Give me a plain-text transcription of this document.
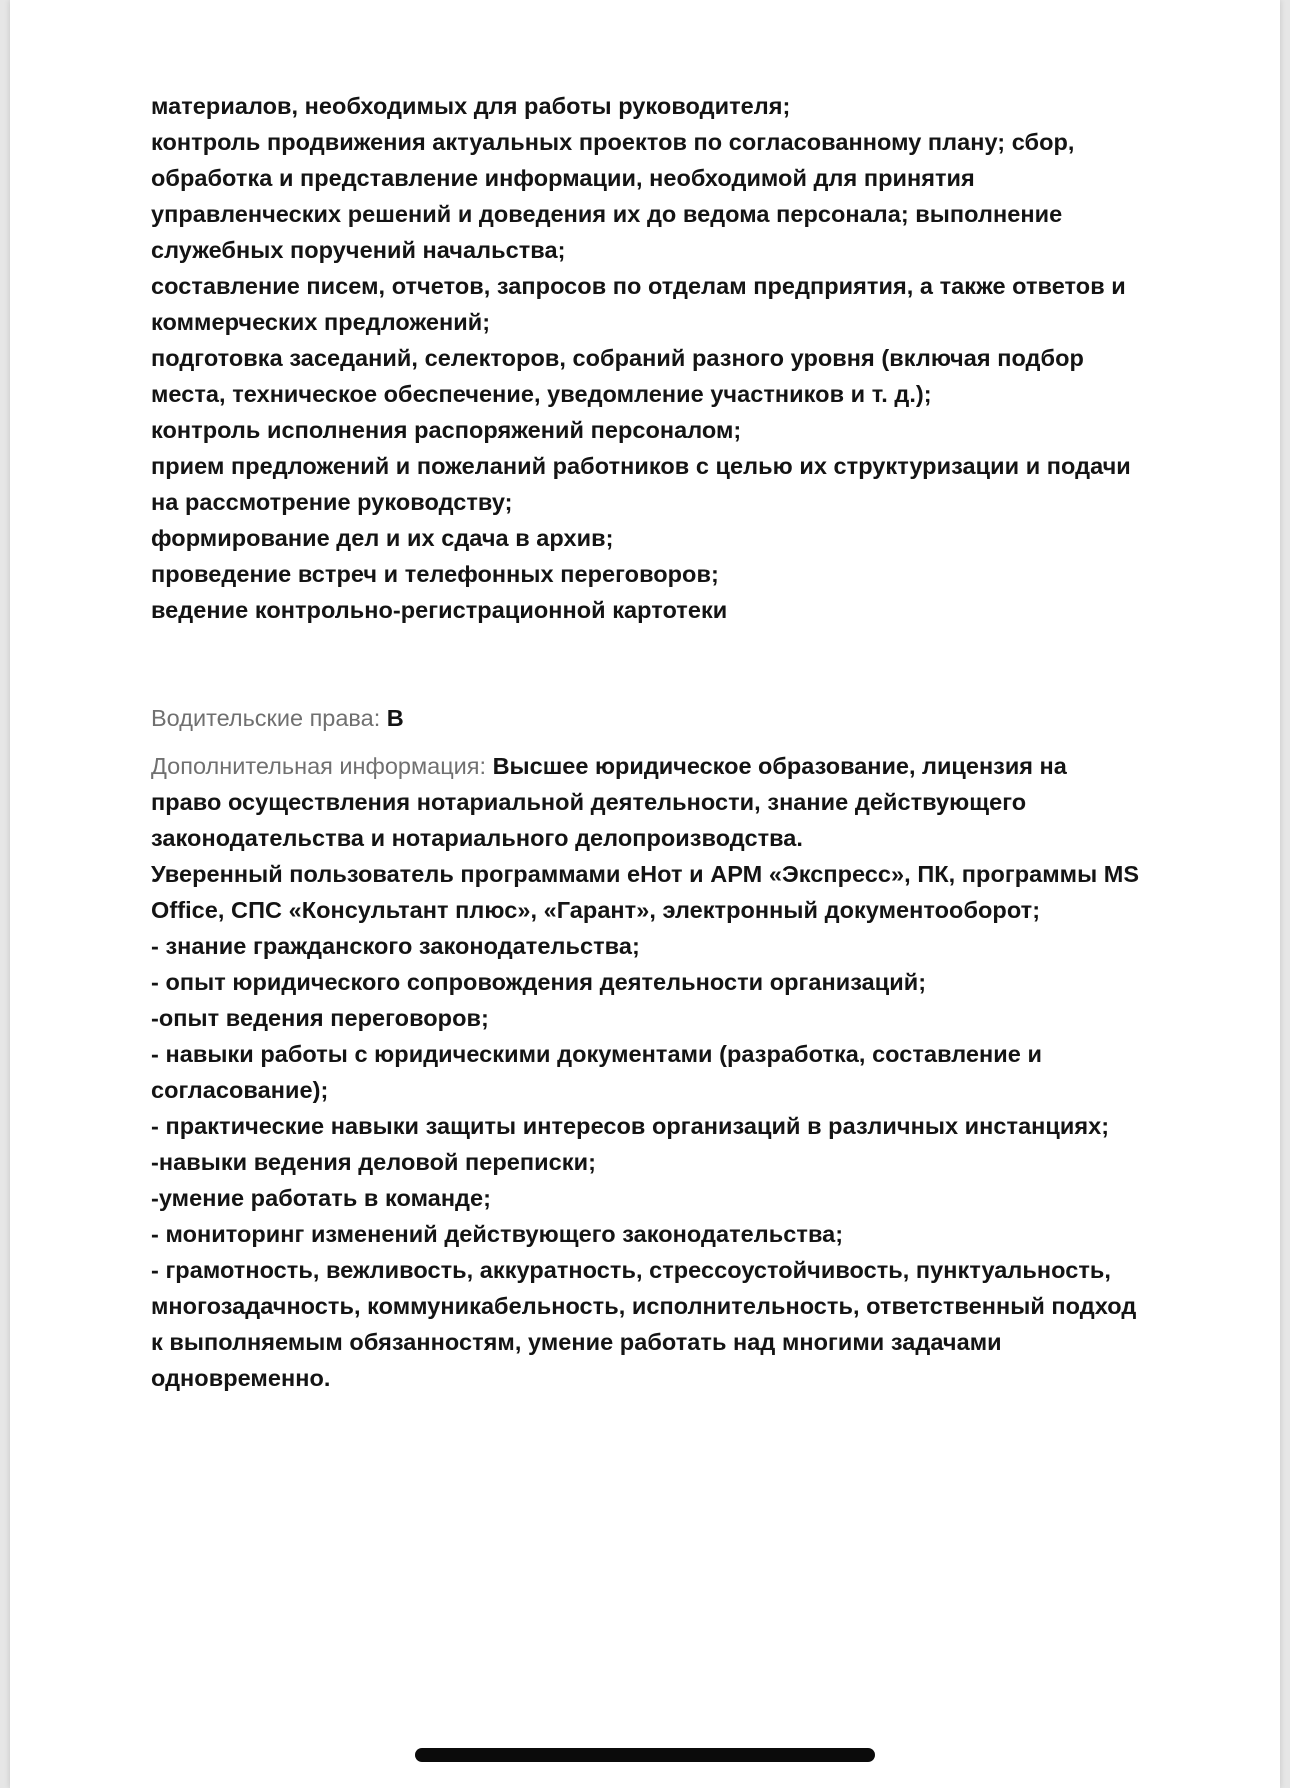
материалов, необходимых для работы руководителя;
контроль продвижения актуальных проектов по согласованному плану; сбор,
обработка и представление информации, необходимой для принятия
управленческих решений и доведения их до ведома персонала; выполнение
служебных поручений начальства;
составление писем, отчетов, запросов по отделам предприятия, а также ответов и
коммерческих предложений;
подготовка заседаний, селекторов, собраний разного уровня (включая подбор
места, техническое обеспечение, уведомление участников и т. д.);
контроль исполнения распоряжений персоналом;
прием предложений и пожеланий работников с целью их структуризации и подачи
на рассмотрение руководству;
формирование дел и их сдача в архив;
проведение встреч и телефонных переговоров;
ведение контрольно-регистрационной картотеки
Водительские права: B
Дополнительная информация: Высшее юридическое образование, лицензия на
право осуществления нотариальной деятельности, знание действующего
законодательства и нотариального делопроизводства.
Уверенный пользователь программами еНот и АРМ «Экспресс», ПК, программы MS
Office, СПС «Консультант плюс», «Гарант», электронный документооборот;
- знание гражданского законодательства;
- опыт юридического сопровождения деятельности организаций;
-опыт ведения переговоров;
- навыки работы с юридическими документами (разработка, составление и
согласование);
- практические навыки защиты интересов организаций в различных инстанциях;
-навыки ведения деловой переписки;
-умение работать в команде;
- мониторинг изменений действующего законодательства;
- грамотность, вежливость, аккуратность, стрессоустойчивость, пунктуальность,
многозадачность, коммуникабельность, исполнительность, ответственный подход
к выполняемым обязанностям, умение работать над многими задачами
одновременно.
